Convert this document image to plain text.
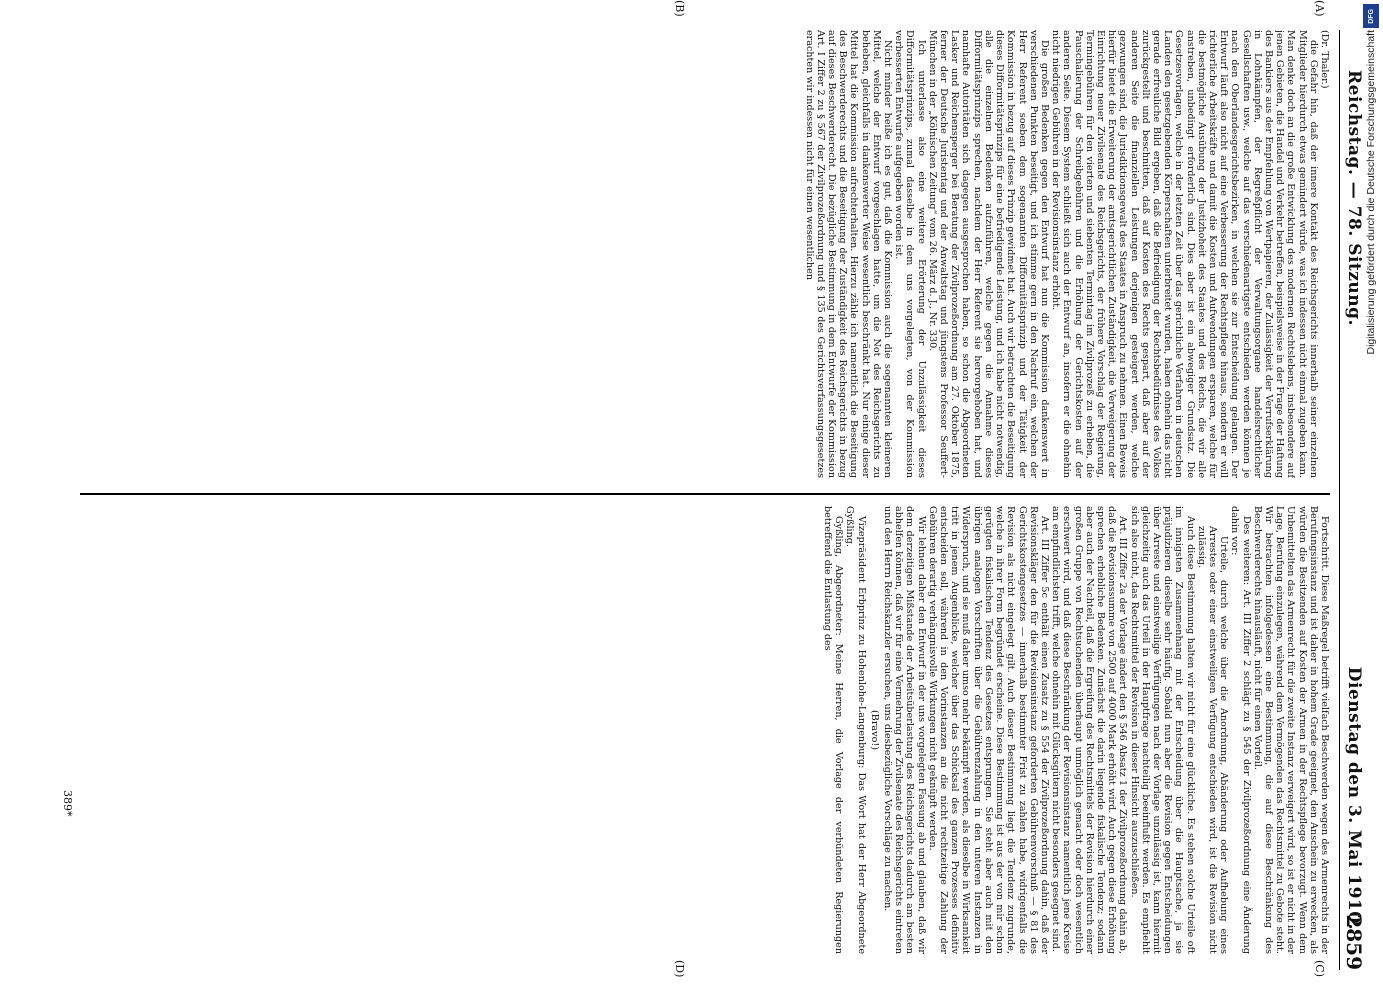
Reichstag. — 78. Sitzung.
Dienstag den 3. Mai 1910.
2859
(A)
(B)
(C)
(D)

(Dr. Thaler.)

die Gefahr hin, daß der innere Kontakt des Reichsgerichts innerhalb seiner einzelnen Mitglieder hierdurch etwas gemindert würde, was ich indessen nicht einmal zugeben kann. Man denke doch an die große Entwicklung des modernen Rechtslebens, insbesondere auf jenen Gebieten, die Handel und Verkehr betreffen, beispielsweise in der Frage der Haftung des Bankiers aus der Empfehlung von Wertpapieren, der Zulässigkeit der Verrufserklärung in Lohnkämpfen, der Regreßpflicht der Verwaltungsorgane handelsrechtlicher Gesellschaften usw., welche auf das verschiedenartigste entschieden werden können je nach den Oberlandesgerichtsbezirken, in welchen sie zur Entscheidung gelangen. Der Entwurf läuft also nicht auf eine Verbesserung der Rechtspflege hinaus, sondern er will richterliche Arbeitskräfte und damit die Kosten und Aufwendungen ersparen, welche für die bestmögliche Ausübung der Justizhoheit des Staates und des Reichs, die wir alle anstreben, unbedingt erforderlich sind. Dies aber ist ein abwegiger Grundsatz. Die Gesetzesvorlagen, welche in der letzten Zeit über das gerichtliche Verfahren in deutschen Landen den gesetzgebenden Körperschaften unterbreitet wurden, haben ohnehin das nicht gerade erfreuliche Bild ergeben, daß die Befriedigung der Rechtsbedürfnisse des Volkes zurückgestellt und beschnitten, daß auf Kosten des Rechts gespart, daß aber auf der anderen Seite die finanziellen Leistungen derjenigen gesteigert werden, welche gezwungen sind, die Jurisdiktionsgewalt des Staates in Anspruch zu nehmen. Einen Beweis hierfür bietet die Erweiterung der amtsgerichtlichen Zuständigkeit, die Verweigerung der Einrichtung neuer Zivilsenate des Reichsgerichts, der frühere Vorschlag der Regierung, Termingebühren für den vierten und siebenten Termintag im Zivilprozeß zu erheben, die Pauschalierung der Schreibgebühren und die Erhöhung der Gerichtskosten auf der anderen Seite. Diesem System schließt sich auch der Entwurf an, insofern er die ohnehin nicht niedrigen Gebühren in der Revisionsinstanz erhöht.

Die großen Bedenken gegen den Entwurf hat nun die Kommission dankenswert in verschiedenen Punkten beseitigt, und ich stimme gern in den Nachruf ein, welchen der Herr Referent soeben dem sogenannten Difformitätsprinzip und der Tätigkeit der Kommission in bezug auf dieses Prinzip gewidmet hat. Auch wir betrachten die Beseitigung dieses Difformitätsprinzips für eine befriedigende Leistung, und ich habe nicht notwendig, alle die einzelnen Bedenken aufzuführen, welche gegen die Annahme dieses Difformitätsprinzips sprechen, nachdem der Herr Referent sie hervorgehoben hat, und namhafte Autoritäten sich dagegen ausgesprochen haben, so schon die Abgeordneten Lasker und Reichensperger bei Beratung der Zivilprozeßordnung am 27. Oktober 1875, ferner der Deutsche Juristentag und der Anwaltstag und jüngstens Professor Seuffert-München in der „Kölnischen Zeitung“ vom 26. März d. J., Nr. 330.

Ich unterlasse also eine weitere Erörterung der Unzulässigkeit dieses Difformitätsprinzips, zumal dasselbe in dem uns vorgelegten, von der Kommission verbesserten Entwurfe aufgegeben worden ist.

Nicht minder heiße ich es gut, daß die Kommission auch die sogenannten kleineren Mittel, welche der Entwurf vorgeschlagen hatte, um die Not des Reichsgerichts zu beheben, gleichfalls in dankenswerter Weise wesentlich beschränkt hat. Nur einige dieser Mittel hat die Kommission aufrechterhalten. Hierzu zähle ich namentlich die Beseitigung des Beschwerderechts und die Beseitigung der Zuständigkeit des Reichsgerichts in bezug auf dieses Beschwerderecht. Die bezügliche Bestimmung in dem Entwurfe der Kommission Art. I Ziffer 2 zu § 567 der Zivilprozeßordnung und § 135 des Gerichtsverfassungsgesetzes erachten wir indessen nicht für einen wesentlichen

Fortschritt. Diese Maßregel betrifft vielfach Beschwerden wegen des Armenrechts in der Berufungsinstanz und ist daher in hohem Grade geeignet, den Anschein zu erwecken, als würden die Besitzenden auf Kosten der Armen in der Rechtspflege bevorzugt. Wenn dem Unbemittelten das Armenrecht für die zweite Instanz verweigert wird, so ist er nicht in der Lage, Berufung einzulegen, während dem Vermögenden das Rechtsmittel zu Gebote steht. Wir betrachten infolgedessen eine Bestimmung, die auf diese Beschränkung des Beschwerderechts hinausläuft, nicht für einen Vorteil.

Des weiteren: Art. III Ziffer 2 schlägt zu § 545 der Zivilprozeßordnung eine Änderung dahin vor:

Urteile, durch welche über die Anordnung, Abänderung oder Aufhebung eines Arrestes oder einer einstweiligen Verfügung entschieden wird, ist die Revision nicht zulässig.

Auch diese Bestimmung halten wir nicht für eine glückliche. Es stehen solche Urteile oft im innigsten Zusammenhang mit der Entscheidung über die Hauptsache, ja sie präjudizieren dieselbe sehr häufig. Sobald nun aber die Revision gegen Entscheidungen über Arreste und einstweilige Verfügungen nach der Vorlage unzulässig ist, kann hiermit gleichzeitig auch das Urteil in der Hauptfrage nachteilig beeinflußt werden. Es empfiehlt sich also nicht, das Rechtsmittel der Revision in dieser Hinsicht auszuschließen.

Art. III Ziffer 2a der Vorlage ändert den § 546 Absatz 1 der Zivilprozeßordnung dahin ab, daß die Revisionssumme von 2500 auf 4000 Mark erhöht wird. Auch gegen diese Erhöhung sprechen erhebliche Bedenken. Zunächst die darin liegende fiskalische Tendenz; sodann aber auch der Nachteil, daß die Ergreifung des Rechtsmittels der Revision hierdurch einer großen Gruppe von Rechtsuchenden überhaupt unmöglich gemacht oder doch wesentlich erschwert wird, und daß diese Beschränkung der Revisionsinstanz namentlich jene Kreise am empfindlichsten trifft, welche ohnehin mit Glücksgütern nicht besonders gesegnet sind.

Art. III Ziffer 5c enthält einen Zusatz zu § 554 der Zivilprozeßordnung dahin, daß der Revisionskläger den für die Revisionsinstanz geforderten Gebührenvorschuß — § 81 des Gerichtskostengesetzes — innerhalb bestimmter Frist zu zahlen habe, widrigenfalls die Revision als nicht eingelegt gilt. Auch dieser Bestimmung liegt die Tendenz zugrunde, welche in ihrer Form begründet erscheine. Diese Bestimmung ist aus der von mir schon gerügten fiskalischen Tendenz des Gesetzes entsprungen. Sie steht aber auch mit den übrigen analogen Vorschriften über die Gebührenzahlung in den unteren Instanzen in Widerspruch, und sie muß daher umso mehr bekämpft werden, als dieselbe in Wirksamkeit tritt in jenem Augenblicke, welcher über das Schicksal des ganzen Prozesses definitiv entscheiden soll, während in den Vorinstanzen an die nicht rechtzeitige Zahlung der Gebühren derartig verhängnisvolle Wirkungen nicht geknüpft werden.

Wir lehnen daher den Entwurf in der uns vorgelegten Fassung ab und glauben, daß wir dem derzeitigen Mißstande der Arbeitsüberlastung des Reichsgerichts dadurch am besten abhelfen können, daß wir für eine Vermehrung der Zivilsenate des Reichsgerichts eintreten und den Herrn Reichskanzler ersuchen, uns diesbezügliche Vorschläge zu machen.

(Bravo!)

Vizepräsident Erbprinz zu Hohenlohe-Langenburg: Das Wort hat der Herr Abgeordnete Gyßling.

Gyßling, Abgeordneter: Meine Herren, die Vorlage der verbündeten Regierungen betreffend die Entlastung des

389*
DFG
Digitalisierung gefördert durch die Deutsche Forschungsgemeinschaft
